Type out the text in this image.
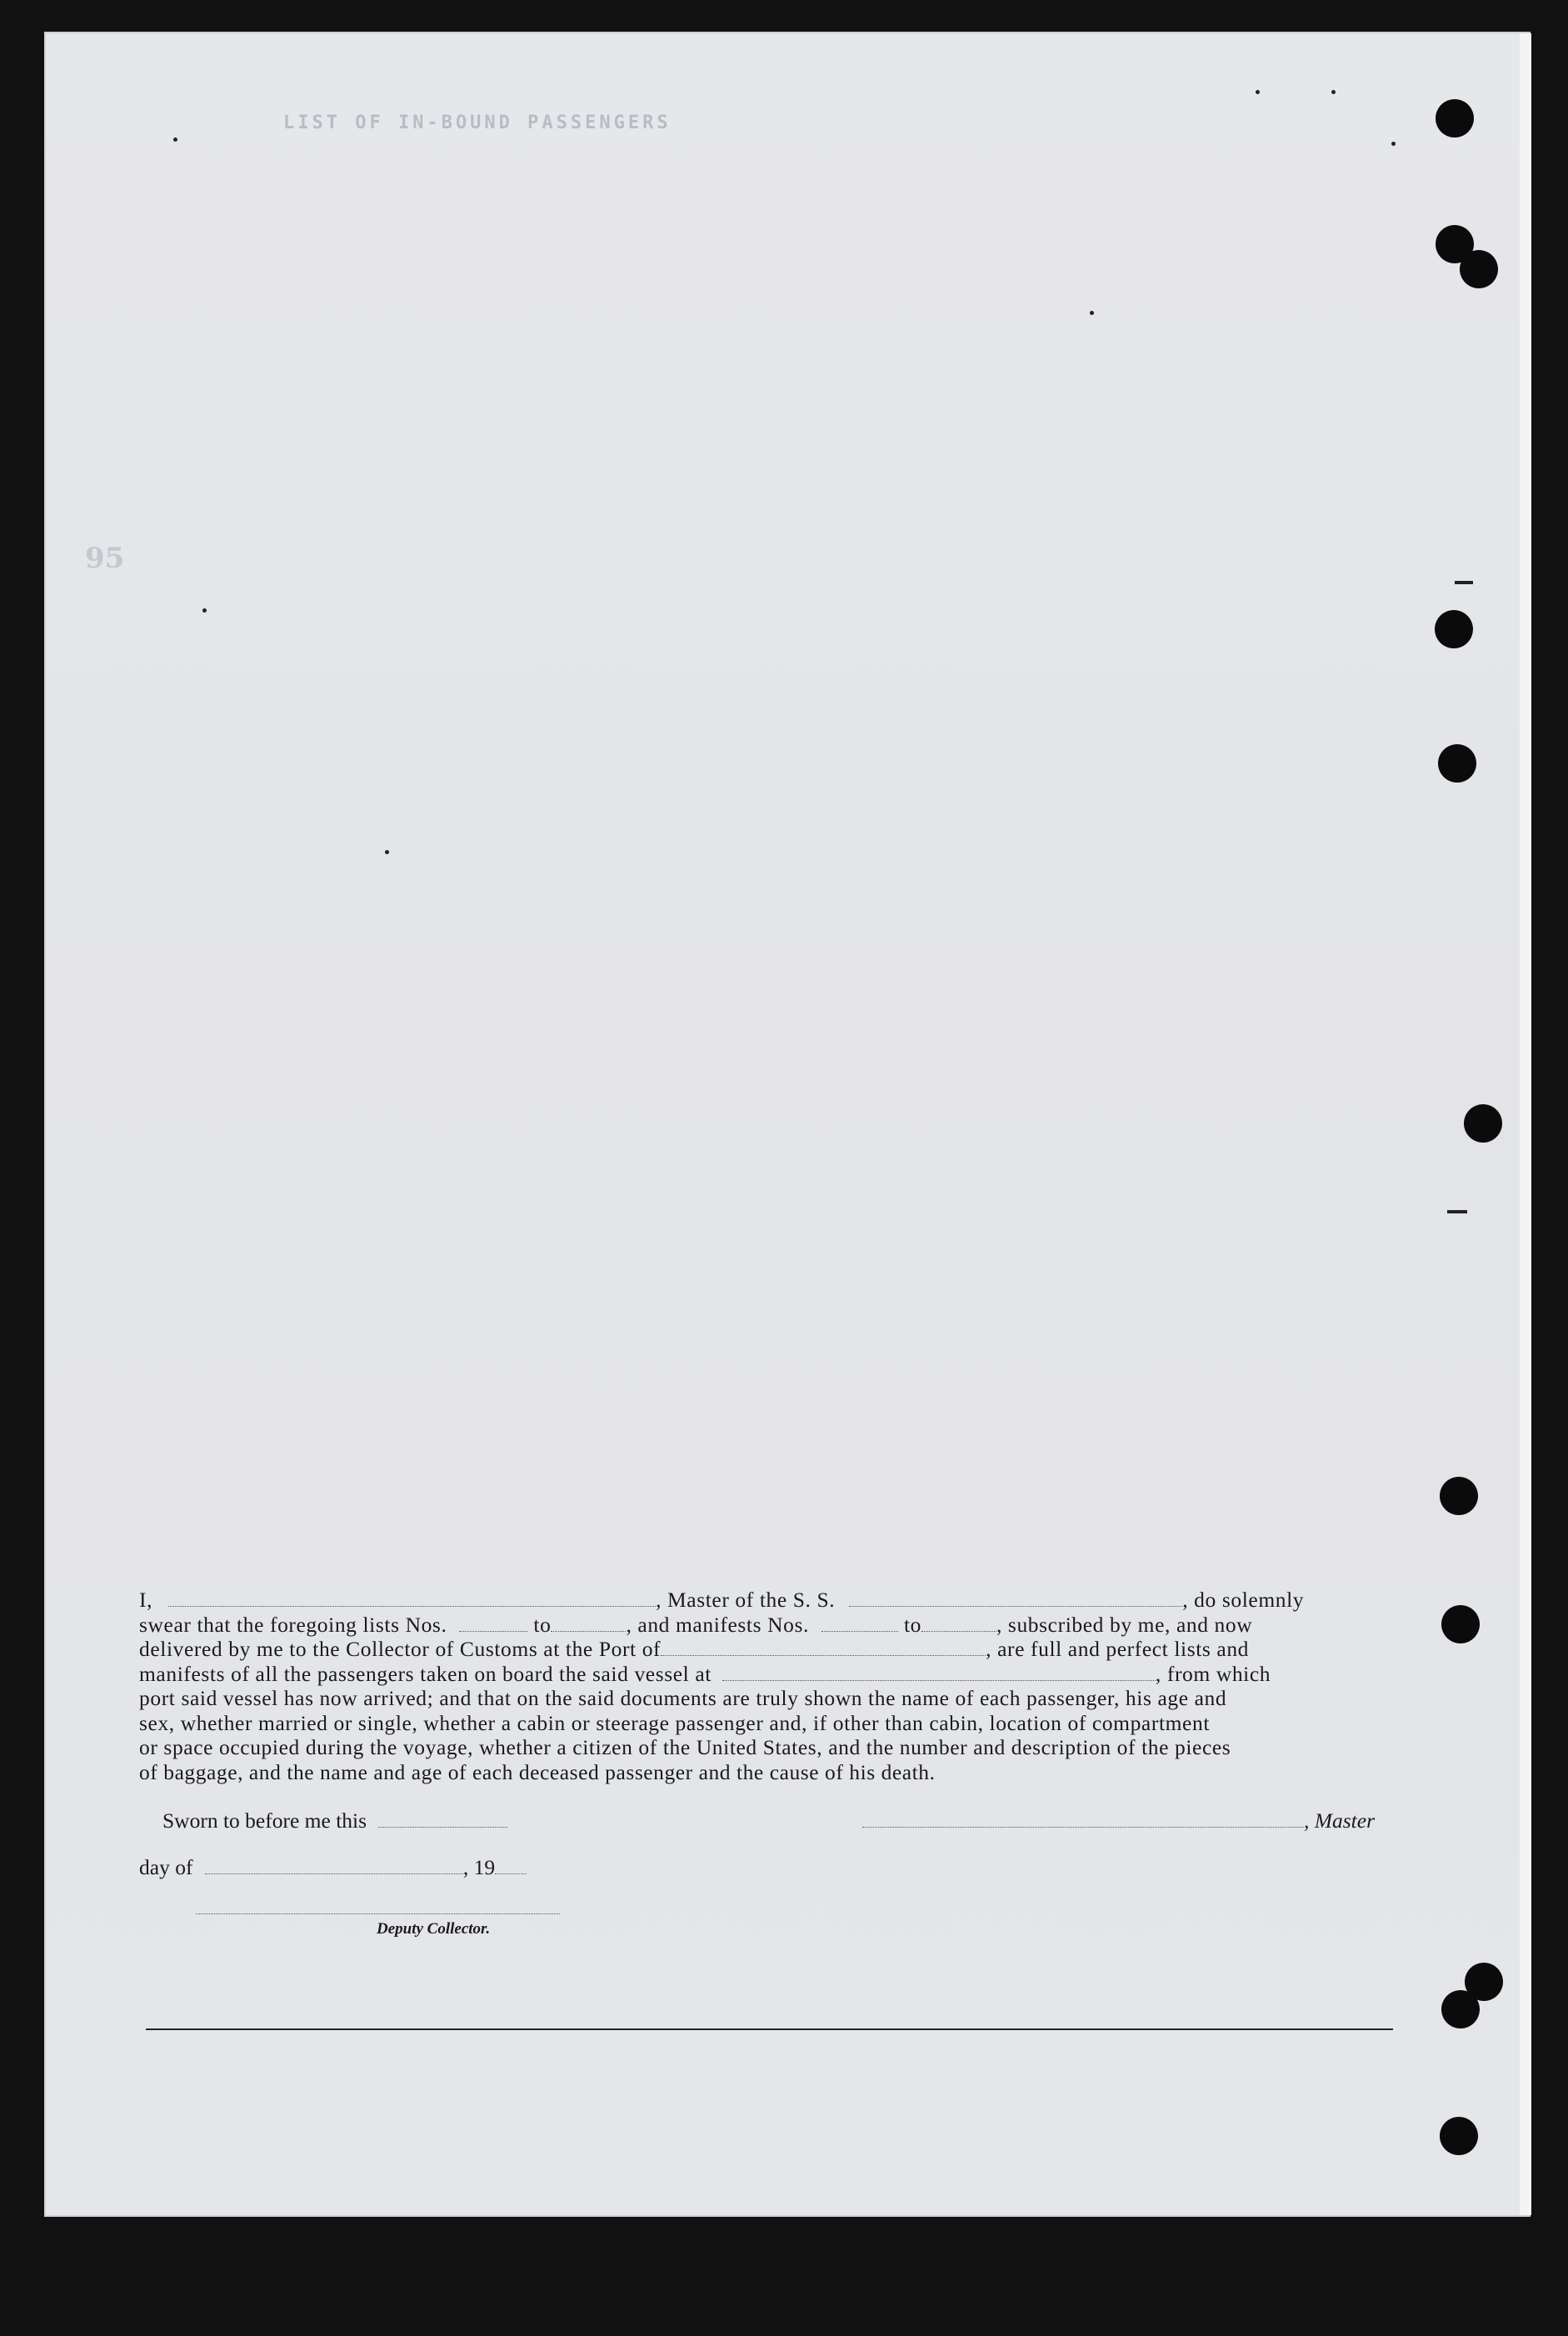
LIST OF IN-BOUND PASSENGERS
95
I,	, Master of the S. S.	, do solemnly
swear that the foregoing lists Nos.	to	, and manifests Nos.	to	, subscribed by me, and now
delivered by me to the Collector of Customs at the Port of	, are full and perfect lists and
manifests of all the passengers taken on board the said vessel at	, from which
port said vessel has now arrived; and that on the said documents are truly shown the name of each passenger, his age and
sex, whether married or single, whether a cabin or steerage passenger and, if other than cabin, location of compartment
or space occupied during the voyage, whether a citizen of the United States, and the number and description of the pieces
of baggage, and the name and age of each deceased passenger and the cause of his death.
Sworn to before me this	, Master
day of	, 19
Deputy Collector.
